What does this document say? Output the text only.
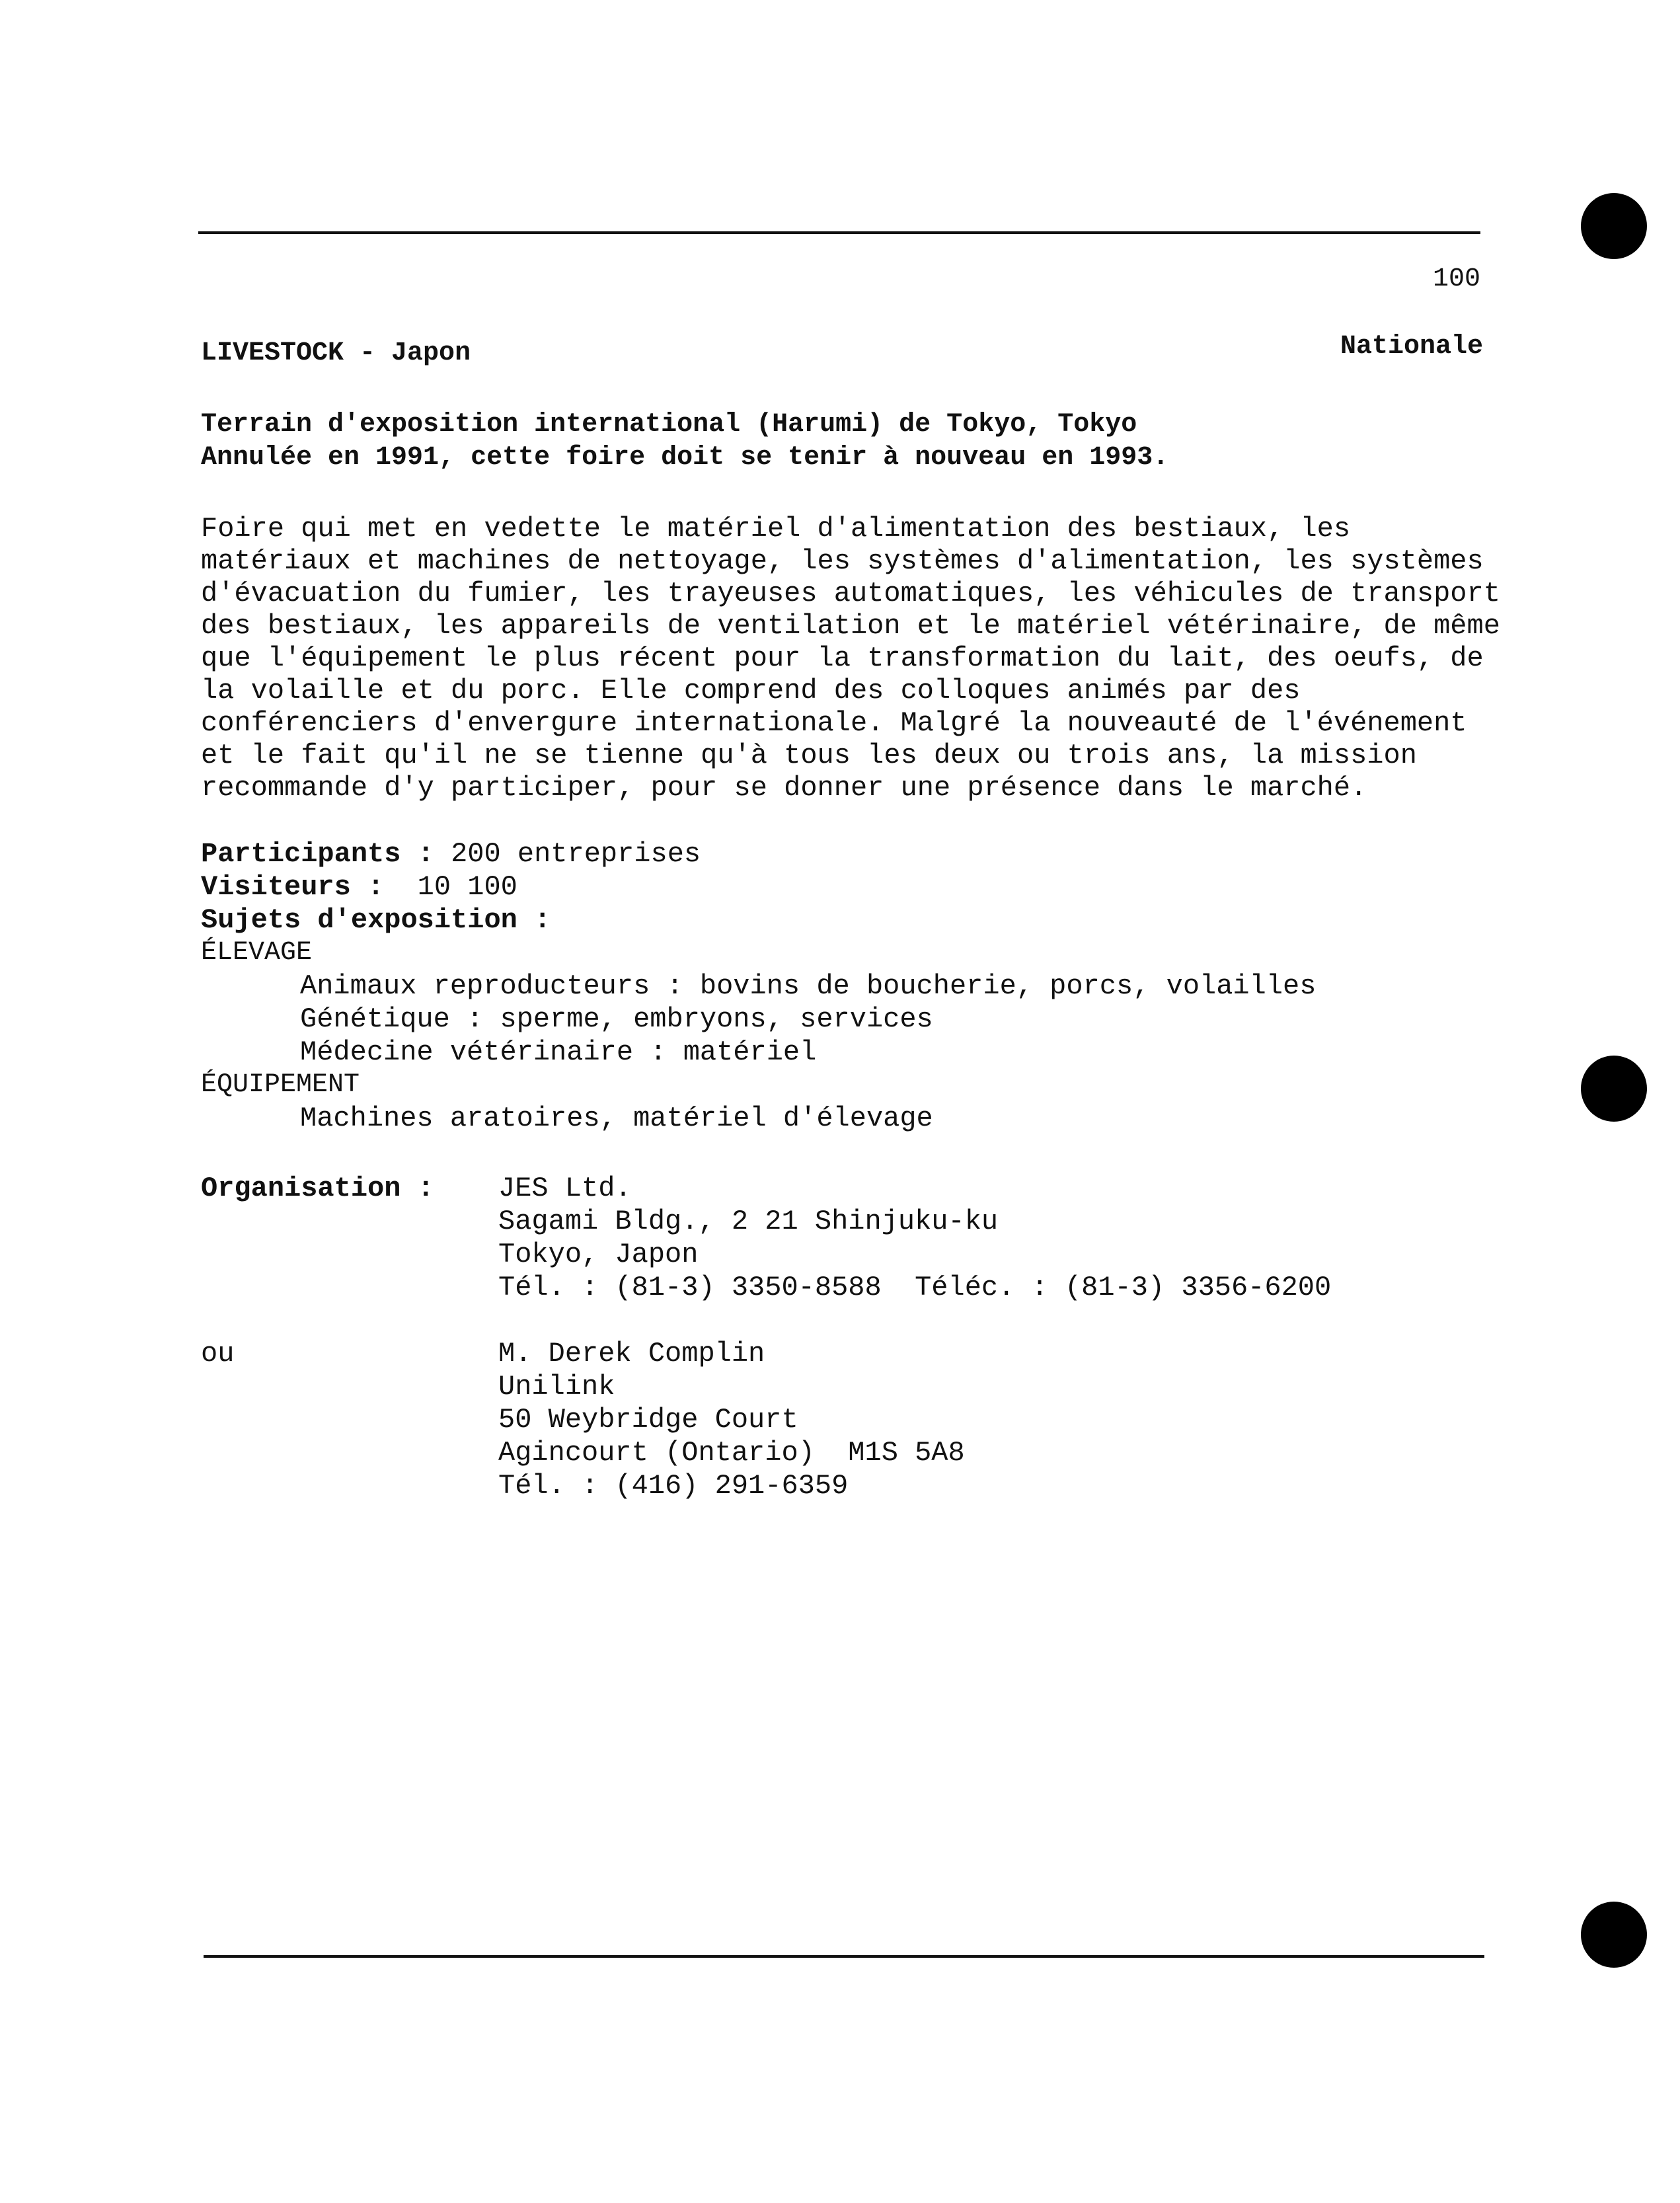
100
LIVESTOCK - Japon	Nationale
Terrain d'exposition international (Harumi) de Tokyo, Tokyo
Annulée en 1991, cette foire doit se tenir à nouveau en 1993.
Foire qui met en vedette le matériel d'alimentation des bestiaux, les
matériaux et machines de nettoyage, les systèmes d'alimentation, les systèmes
d'évacuation du fumier, les trayeuses automatiques, les véhicules de transport
des bestiaux, les appareils de ventilation et le matériel vétérinaire, de même
que l'équipement le plus récent pour la transformation du lait, des oeufs, de
la volaille et du porc. Elle comprend des colloques animés par des
conférenciers d'envergure internationale. Malgré la nouveauté de l'événement
et le fait qu'il ne se tienne qu'à tous les deux ou trois ans, la mission
recommande d'y participer, pour se donner une présence dans le marché.
Participants : 200 entreprises
Visiteurs :  10 100
Sujets d'exposition :
ÉLEVAGE
Animaux reproducteurs : bovins de boucherie, porcs, volailles
Génétique : sperme, embryons, services
Médecine vétérinaire : matériel
ÉQUIPEMENT
Machines aratoires, matériel d'élevage
Organisation :	JES Ltd.
Sagami Bldg., 2 21 Shinjuku-ku
Tokyo, Japon
Tél. : (81-3) 3350-8588  Téléc. : (81-3) 3356-6200
ou	M. Derek Complin
Unilink
50 Weybridge Court
Agincourt (Ontario)  M1S 5A8
Tél. : (416) 291-6359
